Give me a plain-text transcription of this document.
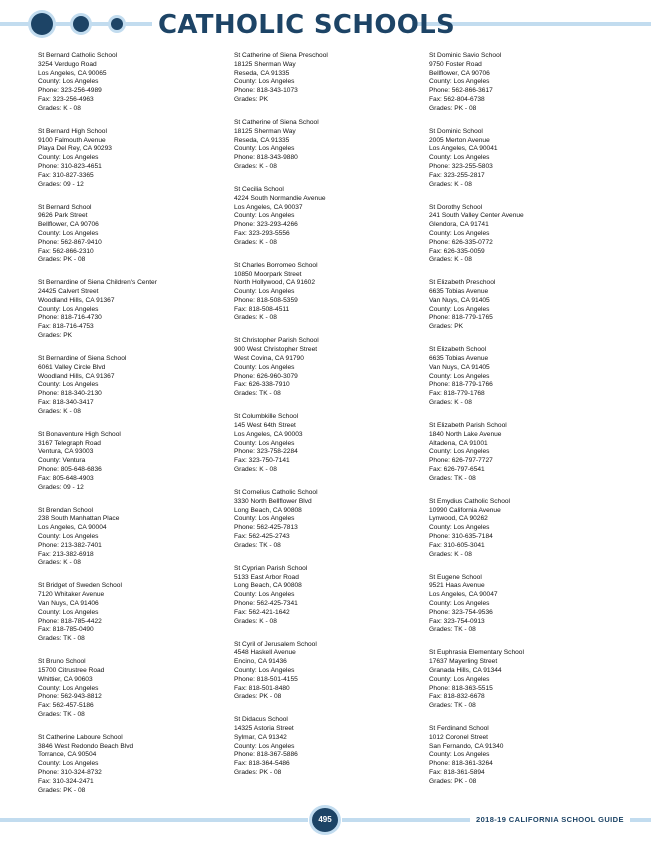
CATHOLIC SCHOOLS
St Bernard Catholic School
3254 Verdugo Road
Los Angeles, CA 90065
County: Los Angeles
Phone: 323-256-4989
Fax: 323-256-4963
Grades: K - 08
St Bernard High School
9100 Falmouth Avenue
Playa Del Rey, CA 90293
County: Los Angeles
Phone: 310-823-4651
Fax: 310-827-3365
Grades: 09 - 12
St Bernard School
9626 Park Street
Bellflower, CA 90706
County: Los Angeles
Phone: 562-867-9410
Fax: 562-866-2310
Grades: PK - 08
St Bernardine of Siena Children's Center
24425 Calvert Street
Woodland Hills, CA 91367
County: Los Angeles
Phone: 818-716-4730
Fax: 818-716-4753
Grades: PK
St Bernardine of Siena School
6061 Valley Circle Blvd
Woodland Hills, CA 91367
County: Los Angeles
Phone: 818-340-2130
Fax: 818-340-3417
Grades: K - 08
St Bonaventure High School
3167 Telegraph Road
Ventura, CA 93003
County: Ventura
Phone: 805-648-6836
Fax: 805-648-4903
Grades: 09 - 12
St Brendan School
238 South Manhattan Place
Los Angeles, CA 90004
County: Los Angeles
Phone: 213-382-7401
Fax: 213-382-6918
Grades: K - 08
St Bridget of Sweden School
7120 Whitaker Avenue
Van Nuys, CA 91406
County: Los Angeles
Phone: 818-785-4422
Fax: 818-785-0490
Grades: TK - 08
St Bruno School
15700 Citrustree Road
Whittier, CA 90603
County: Los Angeles
Phone: 562-943-8812
Fax: 562-457-5186
Grades: TK - 08
St Catherine Laboure School
3846 West Redondo Beach Blvd
Torrance, CA 90504
County: Los Angeles
Phone: 310-324-8732
Fax: 310-324-2471
Grades: PK - 08
St Catherine of Siena Preschool
18125 Sherman Way
Reseda, CA 91335
County: Los Angeles
Phone: 818-343-1073
Grades: PK
St Catherine of Siena School
18125 Sherman Way
Reseda, CA 91335
County: Los Angeles
Phone: 818-343-9880
Grades: K - 08
St Cecilia School
4224 South Normandie Avenue
Los Angeles, CA 90037
County: Los Angeles
Phone: 323-293-4266
Fax: 323-293-5556
Grades: K - 08
St Charles Borromeo School
10850 Moorpark Street
North Hollywood, CA 91602
County: Los Angeles
Phone: 818-508-5359
Fax: 818-508-4511
Grades: K - 08
St Christopher Parish School
900 West Christopher Street
West Covina, CA 91790
County: Los Angeles
Phone: 626-960-3079
Fax: 626-338-7910
Grades: TK - 08
St Columbkille School
145 West 64th Street
Los Angeles, CA 90003
County: Los Angeles
Phone: 323-758-2284
Fax: 323-750-7141
Grades: K - 08
St Cornelius Catholic School
3330 North Bellflower Blvd
Long Beach, CA 90808
County: Los Angeles
Phone: 562-425-7813
Fax: 562-425-2743
Grades: TK - 08
St Cyprian Parish School
5133 East Arbor Road
Long Beach, CA 90808
County: Los Angeles
Phone: 562-425-7341
Fax: 562-421-1642
Grades: K - 08
St Cyril of Jerusalem School
4548 Haskell Avenue
Encino, CA 91436
County: Los Angeles
Phone: 818-501-4155
Fax: 818-501-8480
Grades: PK - 08
St Didacus School
14325 Astoria Street
Sylmar, CA 91342
County: Los Angeles
Phone: 818-367-5886
Fax: 818-364-5486
Grades: PK - 08
St Dominic Savio School
9750 Foster Road
Bellflower, CA 90706
County: Los Angeles
Phone: 562-866-3617
Fax: 562-804-6738
Grades: PK - 08
St Dominic School
2005 Merton Avenue
Los Angeles, CA 90041
County: Los Angeles
Phone: 323-255-5803
Fax: 323-255-2817
Grades: K - 08
St Dorothy School
241 South Valley Center Avenue
Glendora, CA 91741
County: Los Angeles
Phone: 626-335-0772
Fax: 626-335-0059
Grades: K - 08
St Elizabeth Preschool
6635 Tobias Avenue
Van Nuys, CA 91405
County: Los Angeles
Phone: 818-779-1765
Grades: PK
St Elizabeth School
6635 Tobias Avenue
Van Nuys, CA 91405
County: Los Angeles
Phone: 818-779-1766
Fax: 818-779-1768
Grades: K - 08
St Elizabeth Parish School
1840 North Lake Avenue
Altadena, CA 91001
County: Los Angeles
Phone: 626-797-7727
Fax: 626-797-6541
Grades: TK - 08
St Emydius Catholic School
10990 California Avenue
Lynwood, CA 90262
County: Los Angeles
Phone: 310-635-7184
Fax: 310-605-3041
Grades: K - 08
St Eugene School
9521 Haas Avenue
Los Angeles, CA 90047
County: Los Angeles
Phone: 323-754-9536
Fax: 323-754-0913
Grades: TK - 08
St Euphrasia Elementary School
17637 Mayerling Street
Granada Hills, CA 91344
County: Los Angeles
Phone: 818-363-5515
Fax: 818-832-6678
Grades: TK - 08
St Ferdinand School
1012 Coronel Street
San Fernando, CA 91340
County: Los Angeles
Phone: 818-361-3264
Fax: 818-361-5894
Grades: PK - 08
495	2018-19 CALIFORNIA SCHOOL GUIDE
